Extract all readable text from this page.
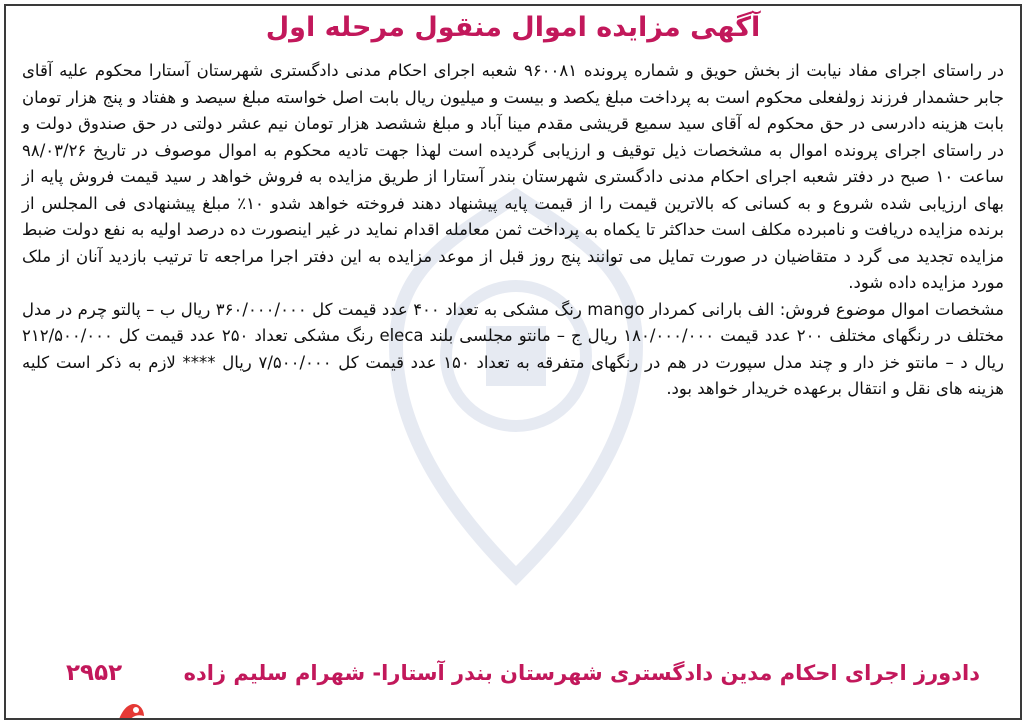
آگهی مزایده اموال منقول مرحله اول

در راستای اجرای مفاد نیابت از بخش حویق و شماره پرونده ۹۶۰۰۸۱ شعبه اجرای احکام مدنی دادگستری شهرستان آستارا محکوم علیه آقای جابر حشمدار فرزند زولفعلی محکوم است به پرداخت مبلغ یکصد و بیست و میلیون ریال بابت اصل خواسته مبلغ سیصد و هفتاد و پنج هزار تومان بابت هزینه دادرسی در حق محکوم له آقای سید سمیع قریشی مقدم مینا آباد و مبلغ ششصد هزار تومان نیم عشر دولتی در حق صندوق دولت و در راستای اجرای پرونده اموال به مشخصات ذیل توقیف و ارزیابی گردیده است لهذا جهت تادیه محکوم به اموال موصوف در تاریخ ۹۸/۰۳/۲۶ ساعت ۱۰ صبح در دفتر شعبه اجرای احکام مدنی دادگستری شهرستان بندر آستارا از طریق مزایده به فروش خواهد ر سید قیمت فروش پایه از بهای ارزیابی شده شروع و به کسانی که بالاترین قیمت را از قیمت پایه پیشنهاد دهند فروخته خواهد شدو ۱۰٪ مبلغ پیشنهادی فی المجلس از برنده مزایده دریافت و نامبرده مکلف است حداکثر تا یکماه به پرداخت ثمن معامله اقدام نماید در غیر اینصورت ده درصد اولیه به نفع دولت ضبط مزایده تجدید می گرد د متقاضیان در صورت تمایل می توانند پنج روز قبل از موعد مزایده به این دفتر اجرا مراجعه تا ترتیب بازدید آنان از ملک مورد مزایده داده شود.

مشخصات اموال موضوع فروش: الف بارانی کمردار mango رنگ مشکی به تعداد ۴۰۰ عدد قیمت کل ۳۶۰/۰۰۰/۰۰۰ ریال ب – پالتو چرم در مدل مختلف در رنگهای مختلف ۲۰۰ عدد قیمت ۱۸۰/۰۰۰/۰۰۰ ریال ج – مانتو مجلسی بلند eleca رنگ مشکی تعداد ۲۵۰ عدد قیمت کل ۲۱۲/۵۰۰/۰۰۰ ریال د – مانتو خز دار و چند مدل سپورت در هم در رنگهای متفرقه به تعداد ۱۵۰ عدد قیمت کل ۷/۵۰۰/۰۰۰ ریال **** لازم به ذکر است کلیه هزینه های نقل و انتقال برعهده خریدار خواهد بود.

دادورز اجرای احکام مدین دادگستری شهرستان بندر آستارا- شهرام سلیم زاده
۲۹۵۲
